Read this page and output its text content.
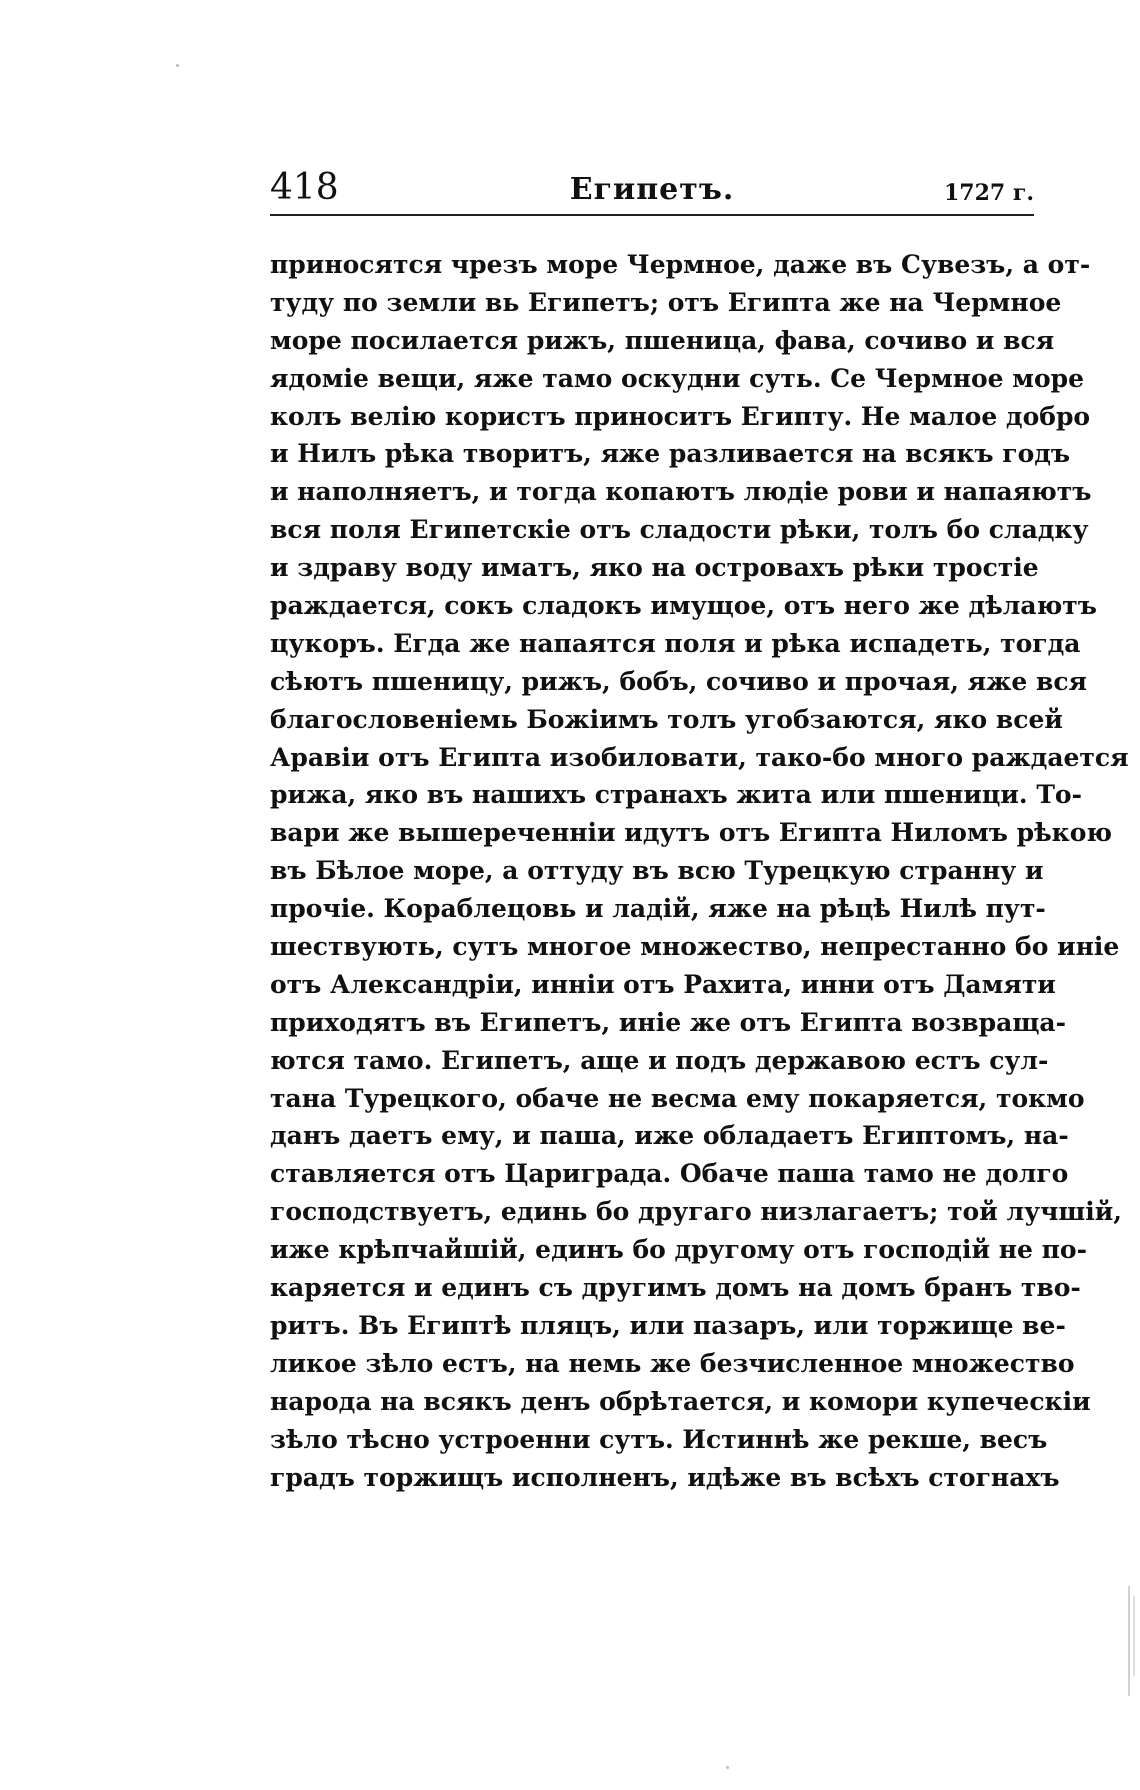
418	Египетъ.	1727 г.
приносятся чрезъ море Чермное, даже въ Сувезъ, а от-
туду по земли вь Египетъ; отъ Египта же на Чермное
море посилается рижъ, пшеница, фава, сочиво и вся
ядоміе вещи, яже тамо оскудни суть. Се Чермное море
колъ велію користъ приноситъ Египту. Не малое добро
и Нилъ рѣка творитъ, яже разливается на всякъ годъ
и наполняетъ, и тогда копаютъ людіе рови и напаяютъ
вся поля Египетскіе отъ сладости рѣки, толъ бо сладку
и здраву воду иматъ, яко на островахъ рѣки тростіе
раждается, сокъ сладокъ имущое, отъ него же дѣлаютъ
цукоръ. Егда же напаятся поля и рѣка испадеть, тогда
сѣютъ пшеницу, рижъ, бобъ, сочиво и прочая, яже вся
благословеніемь Божіимъ толъ угобзаются, яко всей
Аравіи отъ Египта изобиловати, тако-бо много раждается
рижа, яко въ нашихъ странахъ жита или пшеници. То-
вари же вышереченніи идутъ отъ Египта Ниломъ рѣкою
въ Бѣлое море, а оттуду въ всю Турецкую странну и
прочіе. Кораблецовь и ладій, яже на рѣцѣ Нилѣ пут-
шествують, сутъ многое множество, непрестанно бо иніе
отъ Александріи, инніи отъ Рахита, инни отъ Дамяти
приходятъ въ Египетъ, иніе же отъ Египта возвраща-
ются тамо. Египетъ, аще и подъ державою естъ сул-
тана Турецкого, обаче не весма ему покаряется, токмо
данъ даетъ ему, и паша, иже обладаетъ Египтомъ, на-
ставляется отъ Цариграда. Обаче паша тамо не долго
господствуетъ, единь бо другаго низлагаетъ; той лучшій,
иже крѣпчайшій, единъ бо другому отъ господій не по-
каряется и единъ съ другимъ домъ на домъ бранъ тво-
ритъ. Въ Египтѣ пляцъ, или пазаръ, или торжище ве-
ликое зѣло естъ, на немь же безчисленное множество
народа на всякъ денъ обрѣтается, и комори купеческіи
зѣло тѣсно устроенни сутъ. Истиннѣ же рекше, весъ
градъ торжищъ исполненъ, идѣже въ всѣхъ стогнахъ
